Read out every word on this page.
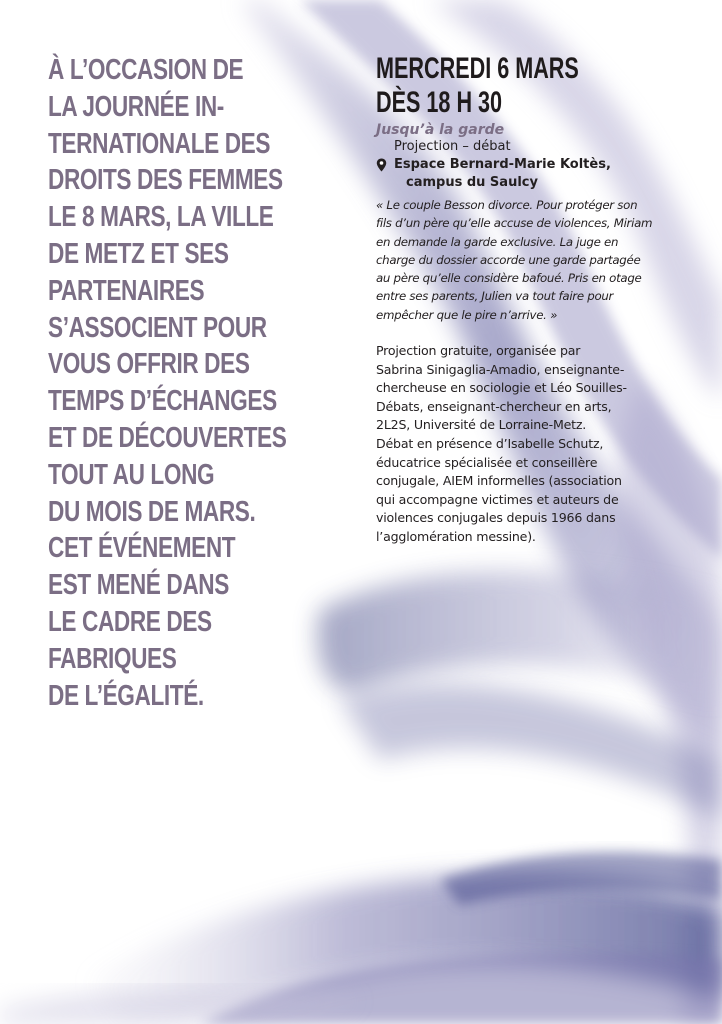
À L’OCCASION DE
LA JOURNÉE IN-
TERNATIONALE DES
DROITS DES FEMMES
LE 8 MARS, LA VILLE
DE METZ ET SES
PARTENAIRES
S’ASSOCIENT POUR
VOUS OFFRIR DES
TEMPS D’ÉCHANGES
ET DE DÉCOUVERTES
TOUT AU LONG
DU MOIS DE MARS.
CET ÉVÉNEMENT
EST MENÉ DANS
LE CADRE DES
FABRIQUES
DE L’ÉGALITÉ.
MERCREDI 6 MARS
DÈS 18 H 30
Jusqu’à la garde
Projection – débat
Espace Bernard-Marie Koltès,
campus du Saulcy
« Le couple Besson divorce. Pour protéger son
fils d’un père qu’elle accuse de violences, Miriam
en demande la garde exclusive. La juge en
charge du dossier accorde une garde partagée
au père qu’elle considère bafoué. Pris en otage
entre ses parents, Julien va tout faire pour
empêcher que le pire n’arrive. »
Projection gratuite, organisée par
Sabrina Sinigaglia-Amadio, enseignante-
chercheuse en sociologie et Léo Souilles-
Débats, enseignant-chercheur en arts,
2L2S, Université de Lorraine-Metz.
Débat en présence d’Isabelle Schutz,
éducatrice spécialisée et conseillère
conjugale, AIEM informelles (association
qui accompagne victimes et auteurs de
violences conjugales depuis 1966 dans
l’agglomération messine).
